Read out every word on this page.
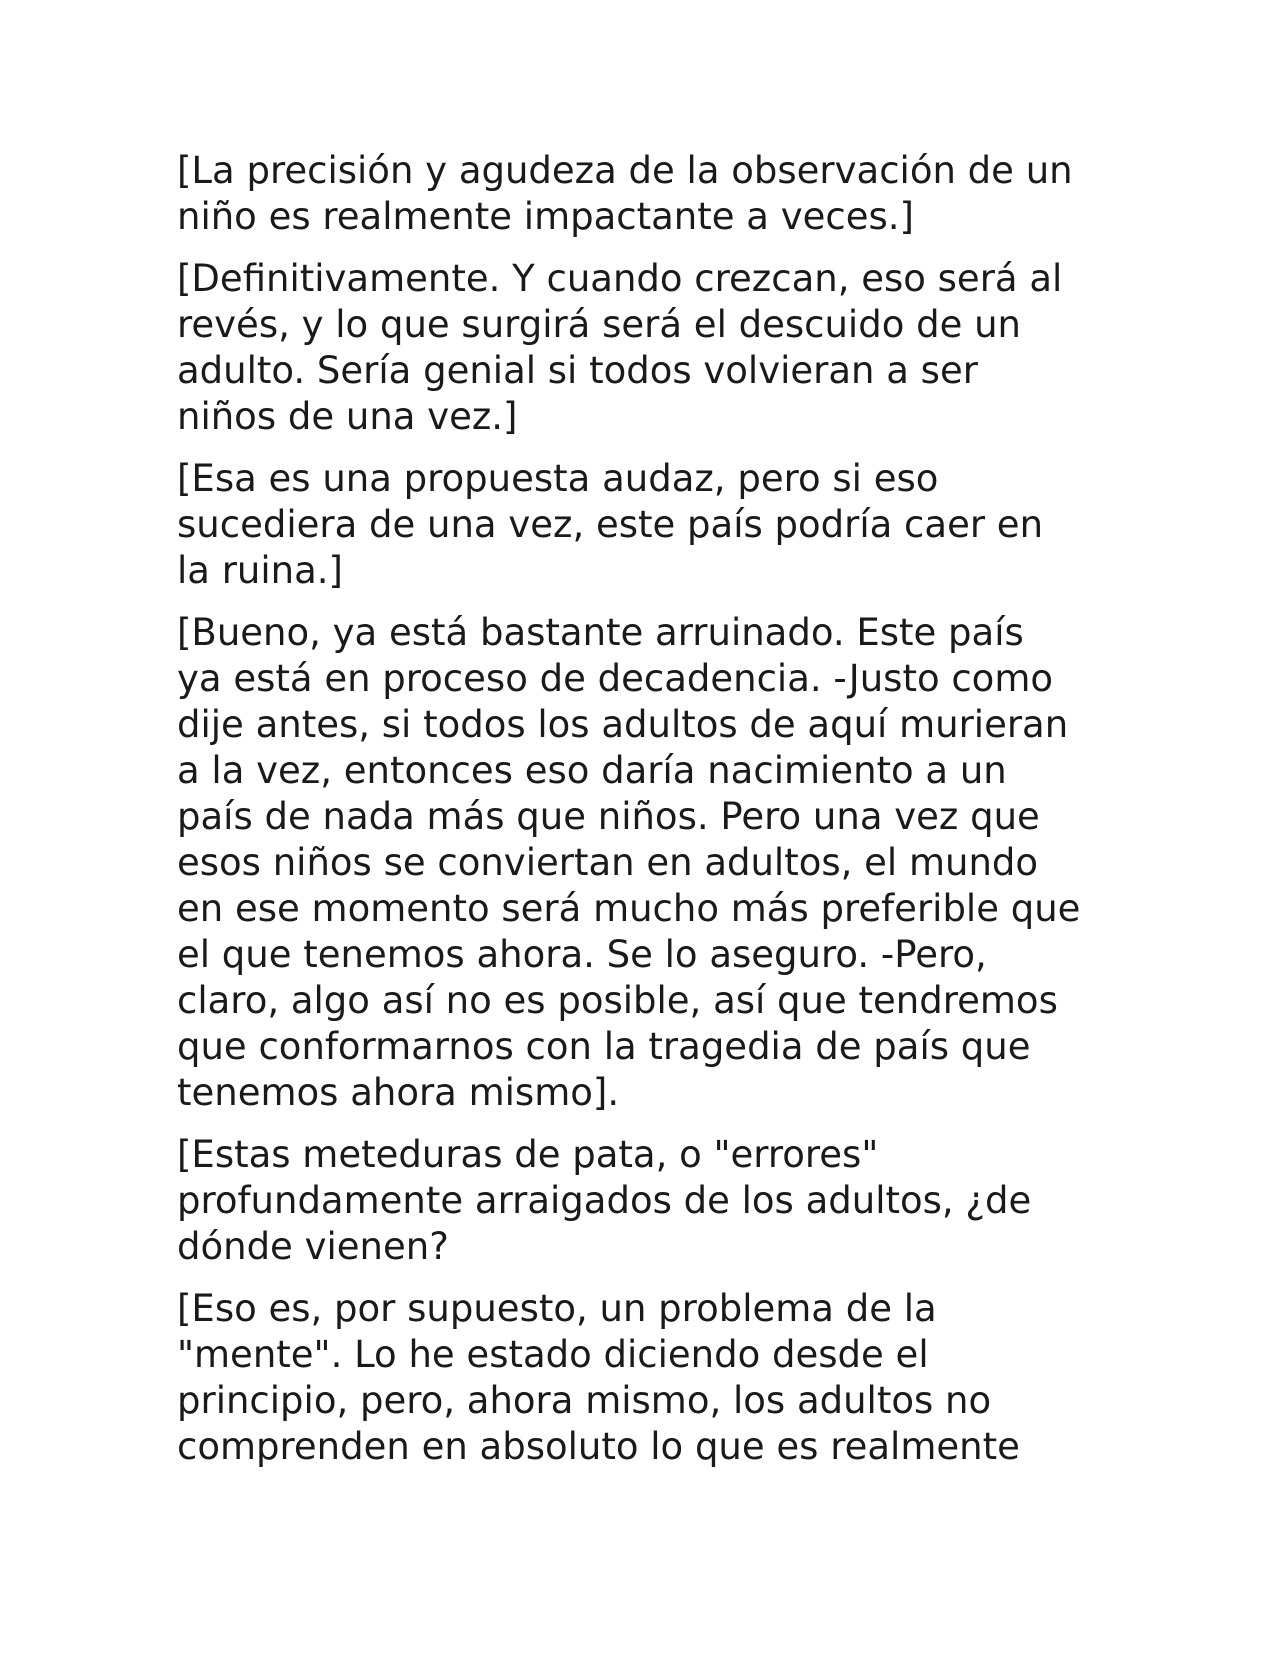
[La precisión y agudeza de la observación de un
niño es realmente impactante a veces.]

[Definitivamente. Y cuando crezcan, eso será al
revés, y lo que surgirá será el descuido de un
adulto. Sería genial si todos volvieran a ser
niños de una vez.]

[Esa es una propuesta audaz, pero si eso
sucediera de una vez, este país podría caer en
la ruina.]

[Bueno, ya está bastante arruinado. Este país
ya está en proceso de decadencia. -Justo como
dije antes, si todos los adultos de aquí murieran
a la vez, entonces eso daría nacimiento a un
país de nada más que niños. Pero una vez que
esos niños se conviertan en adultos, el mundo
en ese momento será mucho más preferible que
el que tenemos ahora. Se lo aseguro. -Pero,
claro, algo así no es posible, así que tendremos
que conformarnos con la tragedia de país que
tenemos ahora mismo].

[Estas meteduras de pata, o "errores"
profundamente arraigados de los adultos, ¿de
dónde vienen?

[Eso es, por supuesto, un problema de la
"mente". Lo he estado diciendo desde el
principio, pero, ahora mismo, los adultos no
comprenden en absoluto lo que es realmente
